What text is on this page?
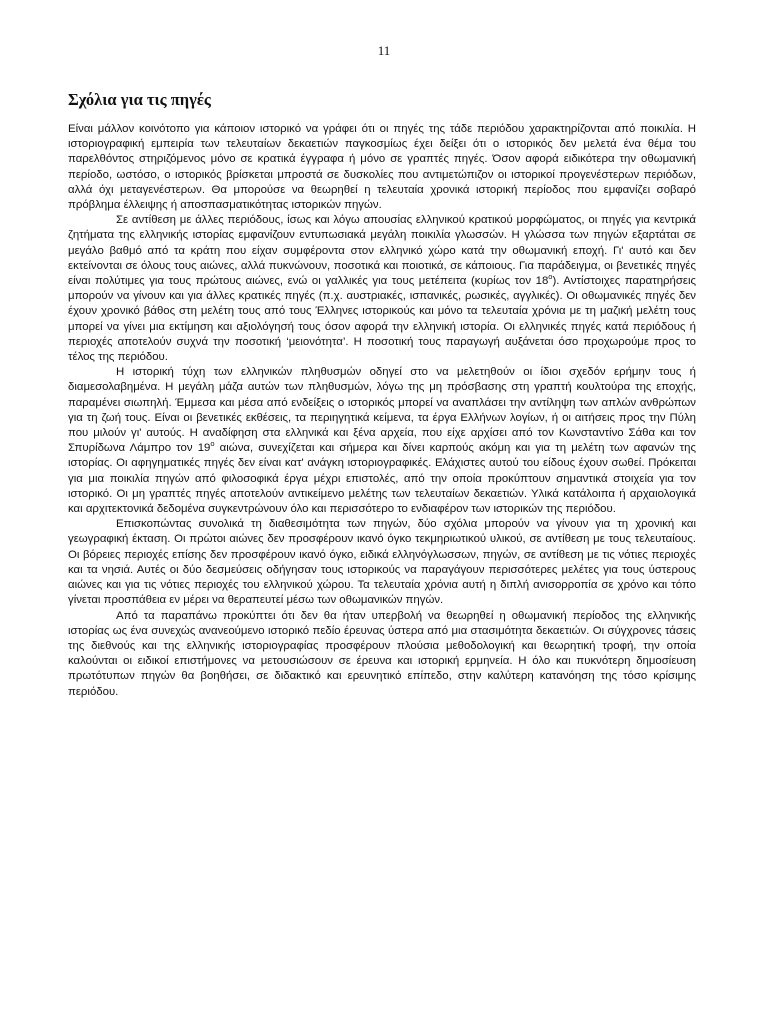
11
Σχόλια για τις πηγές

Είναι μάλλον κοινότοπο για κάποιον ιστορικό να γράφει ότι οι πηγές της τάδε περιόδου χαρακτηρίζονται από ποικιλία. Η ιστοριογραφική εμπειρία των τελευταίων δεκαετιών παγκοσμίως έχει δείξει ότι ο ιστορικός δεν μελετά ένα θέμα του παρελθόντος στηριζόμενος μόνο σε κρατικά έγγραφα ή μόνο σε γραπτές πηγές. Όσον αφορά ειδικότερα την οθωμανική περίοδο, ωστόσο, ο ιστορικός βρίσκεται μπροστά σε δυσκολίες που αντιμετώπιζον οι ιστορικοί προγενέστερων περιόδων, αλλά όχι μεταγενέστερων. Θα μπορούσε να θεωρηθεί η τελευταία χρονικά ιστορική περίοδος που εμφανίζει σοβαρό πρόβλημα έλλειψης ή αποσπασματικότητας ιστορικών πηγών.

Σε αντίθεση με άλλες περιόδους, ίσως και λόγω απουσίας ελληνικού κρατικού μορφώματος, οι πηγές για κεντρικά ζητήματα της ελληνικής ιστορίας εμφανίζουν εντυπωσιακά μεγάλη ποικιλία γλωσσών. Η γλώσσα των πηγών εξαρτάται σε μεγάλο βαθμό από τα κράτη που είχαν συμφέροντα στον ελληνικό χώρο κατά την οθωμανική εποχή. Γι' αυτό και δεν εκτείνονται σε όλους τους αιώνες, αλλά πυκνώνουν, ποσοτικά και ποιοτικά, σε κάποιους. Για παράδειγμα, οι βενετικές πηγές είναι πολύτιμες για τους πρώτους αιώνες, ενώ οι γαλλικές για τους μετέπειτα (κυρίως τον $18^o$). Αντίστοιχες παρατηρήσεις μπορούν να γίνουν και για άλλες κρατικές πηγές (π.χ. αυστριακές, ισπανικές, ρωσικές, αγγλικές). Οι οθωμανικές πηγές δεν έχουν χρονικό βάθος στη μελέτη τους από τους Έλληνες ιστορικούς και μόνο τα τελευταία χρόνια με τη μαζική μελέτη τους μπορεί να γίνει μια εκτίμηση και αξιολόγησή τους όσον αφορά την ελληνική ιστορία. Οι ελληνικές πηγές κατά περιόδους ή περιοχές αποτελούν συχνά την ποσοτική ‘μειονότητα’. Η ποσοτική τους παραγωγή αυξάνεται όσο προχωρούμε προς το τέλος της περιόδου.

Η ιστορική τύχη των ελληνικών πληθυσμών οδηγεί στο να μελετηθούν οι ίδιοι σχεδόν ερήμην τους ή διαμεσολαβημένα. Η μεγάλη μάζα αυτών των πληθυσμών, λόγω της μη πρόσβασης στη γραπτή κουλτούρα της εποχής, παραμένει σιωπηλή. Έμμεσα και μέσα από ενδείξεις ο ιστορικός μπορεί να αναπλάσει την αντίληψη των απλών ανθρώπων για τη ζωή τους. Είναι οι βενετικές εκθέσεις, τα περιηγητικά κείμενα, τα έργα Ελλήνων λογίων, ή οι αιτήσεις προς την Πύλη που μιλούν γι' αυτούς. Η αναδίφηση στα ελληνικά και ξένα αρχεία, που είχε αρχίσει από τον Κωνσταντίνο Σάθα και τον Σπυρίδωνα Λάμπρο τον $19^o$ αιώνα, συνεχίζεται και σήμερα και δίνει καρπούς ακόμη και για τη μελέτη των αφανών της ιστορίας. Οι αφηγηματικές πηγές δεν είναι κατ' ανάγκη ιστοριογραφικές. Ελάχιστες αυτού του είδους έχουν σωθεί. Πρόκειται για μια ποικιλία πηγών από φιλοσοφικά έργα μέχρι επιστολές, από την οποία προκύπτουν σημαντικά στοιχεία για τον ιστορικό. Οι μη γραπτές πηγές αποτελούν αντικείμενο μελέτης των τελευταίων δεκαετιών. Υλικά κατάλοιπα ή αρχαιολογικά και αρχιτεκτονικά δεδομένα συγκεντρώνουν όλο και περισσότερο το ενδιαφέρον των ιστορικών της περιόδου.

Επισκοπώντας συνολικά τη διαθεσιμότητα των πηγών, δύο σχόλια μπορούν να γίνουν για τη χρονική και γεωγραφική έκταση. Οι πρώτοι αιώνες δεν προσφέρουν ικανό όγκο τεκμηριωτικού υλικού, σε αντίθεση με τους τελευταίους. Οι βόρειες περιοχές επίσης δεν προσφέρουν ικανό όγκο, ειδικά ελληνόγλωσσων, πηγών, σε αντίθεση με τις νότιες περιοχές και τα νησιά. Αυτές οι δύο δεσμεύσεις οδήγησαν τους ιστορικούς να παραγάγουν περισσότερες μελέτες για τους ύστερους αιώνες και για τις νότιες περιοχές του ελληνικού χώρου. Τα τελευταία χρόνια αυτή η διπλή ανισορροπία σε χρόνο και τόπο γίνεται προσπάθεια εν μέρει να θεραπευτεί μέσω των οθωμανικών πηγών.

Από τα παραπάνω προκύπτει ότι δεν θα ήταν υπερβολή να θεωρηθεί η οθωμανική περίοδος της ελληνικής ιστορίας ως ένα συνεχώς ανανεούμενο ιστορικό πεδίο έρευνας ύστερα από μια στασιμότητα δεκαετιών. Οι σύγχρονες τάσεις της διεθνούς και της ελληνικής ιστοριογραφίας προσφέρουν πλούσια μεθοδολογική και θεωρητική τροφή, την οποία καλούνται οι ειδικοί επιστήμονες να μετουσιώσουν σε έρευνα και ιστορική ερμηνεία. Η όλο και πυκνότερη δημοσίευση πρωτότυπων πηγών θα βοηθήσει, σε διδακτικό και ερευνητικό επίπεδο, στην καλύτερη κατανόηση της τόσο κρίσιμης περιόδου.
